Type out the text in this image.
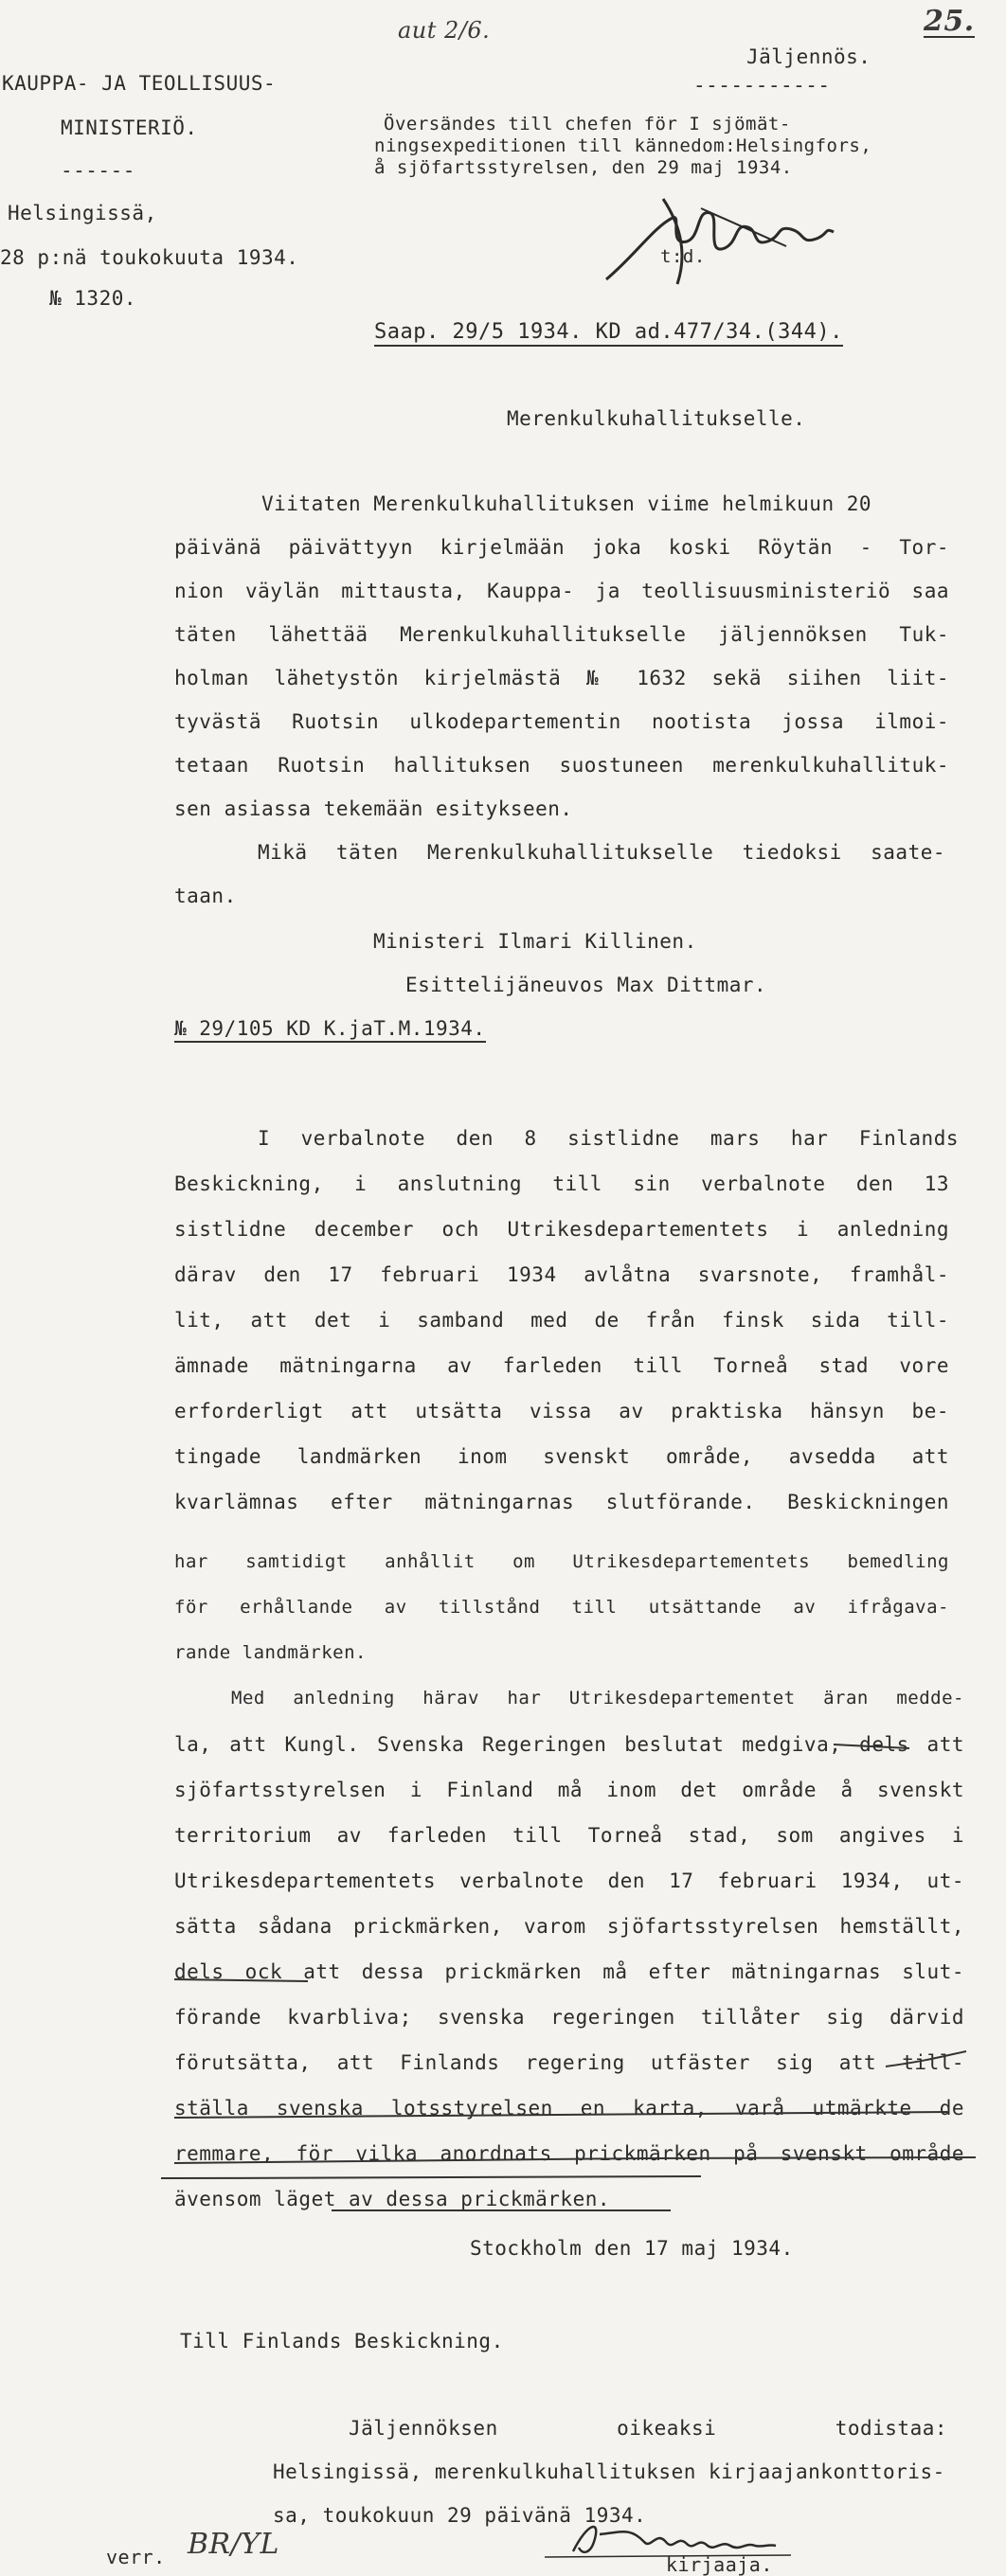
aut 2/6.	25.
KAUPPA- JA TEOLLISUUS-
MINISTERIÖ.
------
Helsingissä,
28 p:nä toukokuuta 1934.
№ 1320.
Jäljennös.
-----------
Översändes till chefen för I sjömät-
ningsexpeditionen till kännedom:Helsingfors,
å sjöfartsstyrelsen, den 29 maj 1934.
t:d.
Saap. 29/5 1934. KD ad.477/34.(344).
Merenkulkuhallitukselle.
Viitaten Merenkulkuhallituksen viime helmikuun 20
päivänä päivättyyn kirjelmään joka koski Röytän - Tor-
nion väylän mittausta, Kauppa- ja teollisuusministeriö saa
täten lähettää Merenkulkuhallitukselle jäljennöksen Tuk-
holman lähetystön kirjelmästä № 1632 sekä siihen liit-
tyvästä Ruotsin ulkodepartementin nootista jossa ilmoi-
tetaan Ruotsin hallituksen suostuneen merenkulkuhallituk-
sen asiassa tekemään esitykseen.
Mikä täten Merenkulkuhallitukselle tiedoksi saate-
taan.
Ministeri Ilmari Killinen.
Esittelijäneuvos Max Dittmar.
№ 29/105 KD K.jaT.M.1934.
I verbalnote den 8 sistlidne mars har Finlands
Beskickning, i anslutning till sin verbalnote den 13
sistlidne december och Utrikesdepartementets i anledning
därav den 17 februari 1934 avlåtna svarsnote, framhål-
lit, att det i samband med de från finsk sida till-
ämnade mätningarna av farleden till Torneå stad vore
erforderligt att utsätta vissa av praktiska hänsyn be-
tingade landmärken inom svenskt område, avsedda att
kvarlämnas efter mätningarnas slutförande. Beskickningen
har samtidigt anhållit om Utrikesdepartementets bemedling
för erhållande av tillstånd till utsättande av ifrågava-
rande landmärken.
Med anledning härav har Utrikesdepartementet äran medde-
la, att Kungl. Svenska Regeringen beslutat medgiva, dels att
sjöfartsstyrelsen i Finland må inom det område å svenskt
territorium av farleden till Torneå stad, som angives i
Utrikesdepartementets verbalnote den 17 februari 1934, ut-
sätta sådana prickmärken, varom sjöfartsstyrelsen hemställt,
dels ock att dessa prickmärken må efter mätningarnas slut-
förande kvarbliva; svenska regeringen tillåter sig därvid
förutsätta, att Finlands regering utfäster sig att till-
ställa svenska lotsstyrelsen en karta, varå utmärkte de
remmare, för vilka anordnats prickmärken på svenskt område
ävensom läget av dessa prickmärken.
Stockholm den 17 maj 1934.
Till Finlands Beskickning.
Jäljennöksen oikeaksi todistaa:
Helsingissä, merenkulkuhallituksen kirjaajankonttoris-
sa, toukokuun 29 päivänä 1934.
verr. BR/YL
kirjaaja.
